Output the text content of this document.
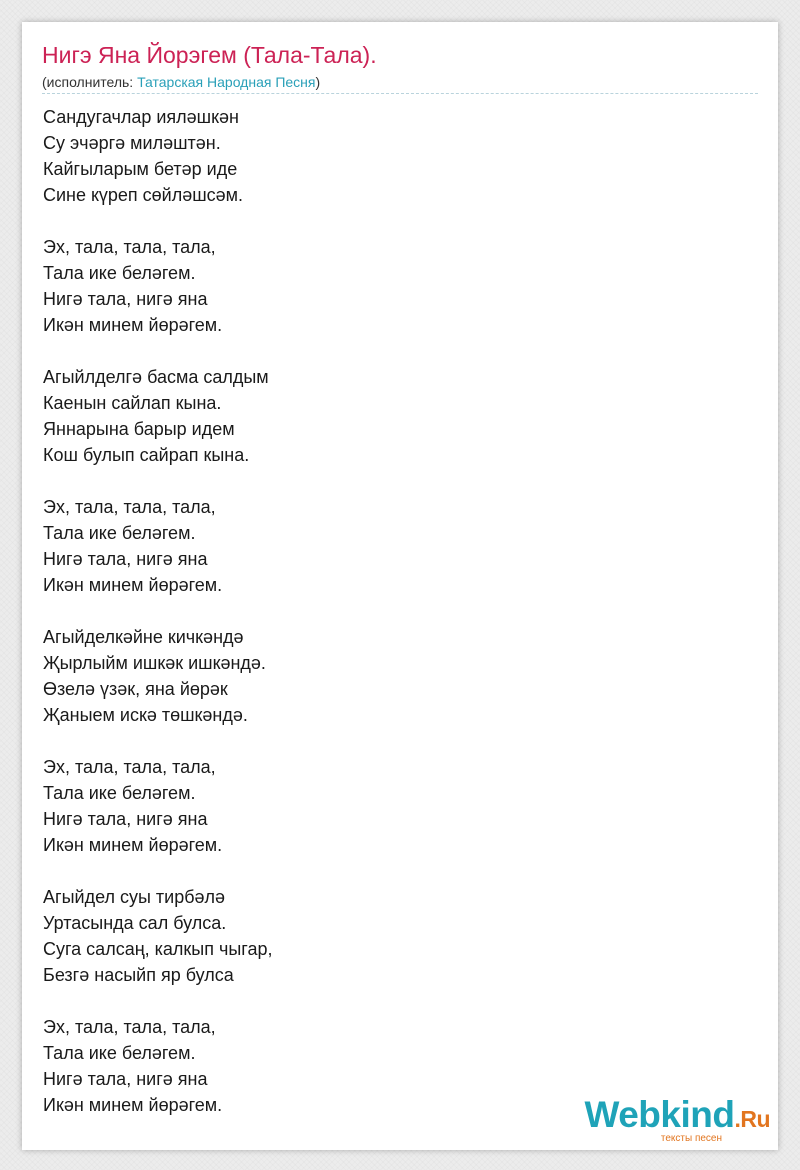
Нигэ Яна Йорэгем (Тала-Тала).
(исполнитель: Татарская Народная Песня)
Сандугачлар иялəшкəн
Су эчəргə милəштəн.
Кайгыларым бетəр иде
Сине күреп сөйлəшсəм.
Эх, тала, тала, тала,
Тала ике белəгем.
Нигə тала, нигə яна
Икəн минем йөрəгем.
Агыйлделгə басма салдым
Каенын сайлап кына.
Яннарына барыр идем
Кош булып сайрап кына.
Эх, тала, тала, тала,
Тала ике белəгем.
Нигə тала, нигə яна
Икəн минем йөрəгем.
Агыйделкəйне кичкəндə
Җырлыйм ишкəк ишкəндə.
Өзелə үзəк, яна йөрəк
Җаныем искə төшкəндə.
Эх, тала, тала, тала,
Тала ике белəгем.
Нигə тала, нигə яна
Икəн минем йөрəгем.
Агыйдел суы тирбəлə
Уртасында сал булса.
Суга салсаң, калкып чыгар,
Безгə насыйп яр булса
Эх, тала, тала, тала,
Тала ике белəгем.
Нигə тала, нигə яна
Икəн минем йөрəгем.	Webkind.Ru
тексты песен
